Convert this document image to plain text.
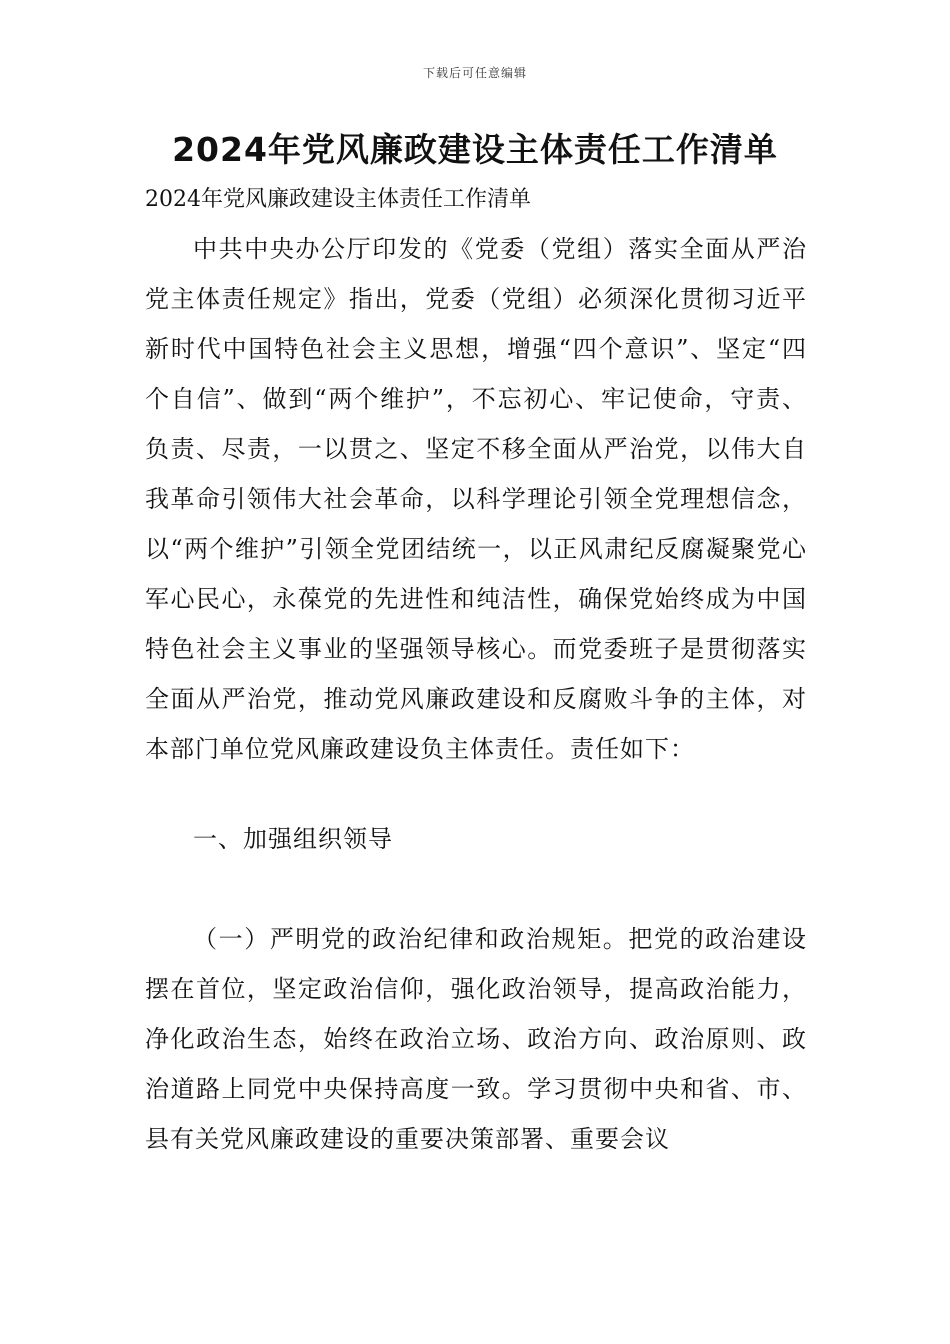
下载后可任意编辑
2024年党风廉政建设主体责任工作清单

2024年党风廉政建设主体责任工作清单

中共中央办公厅印发的《党委（党组）落实全面从严治党主体责任规定》指出，党委（党组）必须深化贯彻习近平新时代中国特色社会主义思想，增强“四个意识”、坚定“四个自信”、做到“两个维护”，不忘初心、牢记使命，守责、负责、尽责，一以贯之、坚定不移全面从严治党，以伟大自我革命引领伟大社会革命，以科学理论引领全党理想信念，以“两个维护”引领全党团结统一，以正风肃纪反腐凝聚党心军心民心，永葆党的先进性和纯洁性，确保党始终成为中国特色社会主义事业的坚强领导核心。而党委班子是贯彻落实全面从严治党，推动党风廉政建设和反腐败斗争的主体，对本部门单位党风廉政建设负主体责任。责任如下：

一、加强组织领导

（一）严明党的政治纪律和政治规矩。把党的政治建设摆在首位，坚定政治信仰，强化政治领导，提高政治能力，净化政治生态，始终在政治立场、政治方向、政治原则、政治道路上同党中央保持高度一致。学习贯彻中央和省、市、县有关党风廉政建设的重要决策部署、重要会议
